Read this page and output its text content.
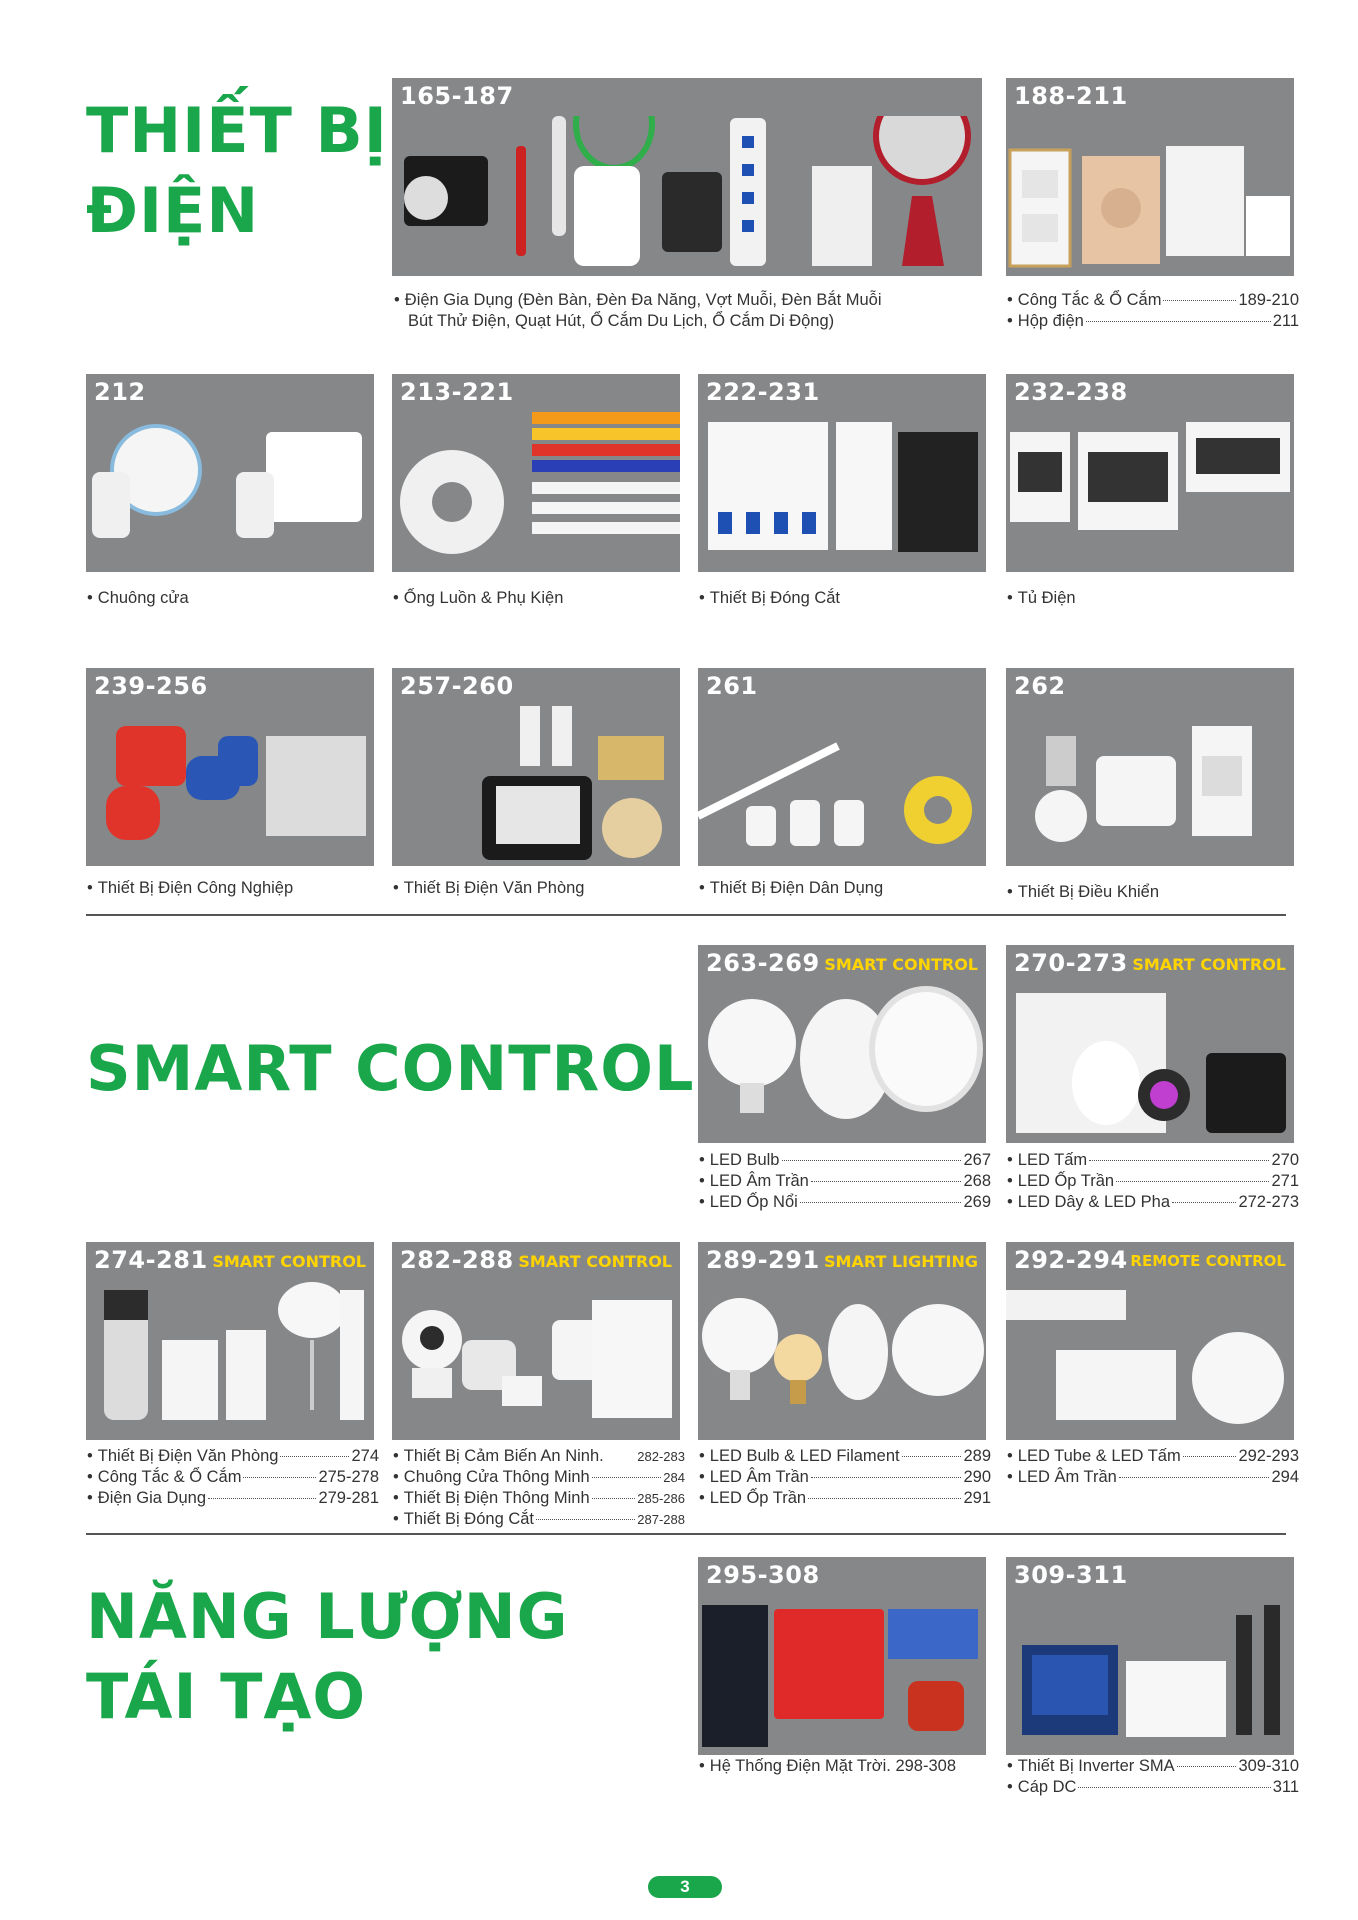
THIẾT BỊ
ĐIỆN
SMART CONTROL
NĂNG LƯỢNG
TÁI TẠO
165-187
• Điện Gia Dụng (Đèn Bàn, Đèn Đa Năng, Vợt Muỗi, Đèn Bắt Muỗi
Bút Thử Điện, Quạt Hút, Ổ Cắm Du Lịch, Ổ Cắm Di Động)
188-211
• Công Tắc & Ổ Cắm	189-210
• Hộp điện	211
212
• Chuông cửa
213-221
• Ống Luồn & Phụ Kiện
222-231
• Thiết Bị Đóng Cắt
232-238
• Tủ Điện
239-256
• Thiết Bị Điện Công Nghiệp
257-260
• Thiết Bị Điện Văn Phòng
261
• Thiết Bị Điện Dân Dụng
262
• Thiết Bị Điều Khiển
263-269 SMART CONTROL
• LED Bulb	267
• LED Âm Trần	268
• LED Ốp Nổi	269
270-273 SMART CONTROL
• LED Tấm	270
• LED Ốp Trần	271
• LED Dây & LED Pha	272-273
274-281 SMART CONTROL
• Thiết Bị Điện Văn Phòng	274
• Công Tắc & Ổ Cắm	275-278
• Điện Gia Dụng	279-281
282-288 SMART CONTROL
• Thiết Bị Cảm Biến An Ninh.	282-283
• Chuông Cửa Thông Minh	284
• Thiết Bị Điện Thông Minh	285-286
• Thiết Bị Đóng Cắt	287-288
289-291 SMART LIGHTING
• LED Bulb & LED Filament	289
• LED Âm Trần	290
• LED Ốp Trần	291
292-294 REMOTE CONTROL
• LED Tube & LED Tấm	292-293
• LED Âm Trần	294
295-308
• Hệ Thống Điện Mặt Trời. 298-308
309-311
• Thiết Bị Inverter SMA	309-310
• Cáp DC	311
3
